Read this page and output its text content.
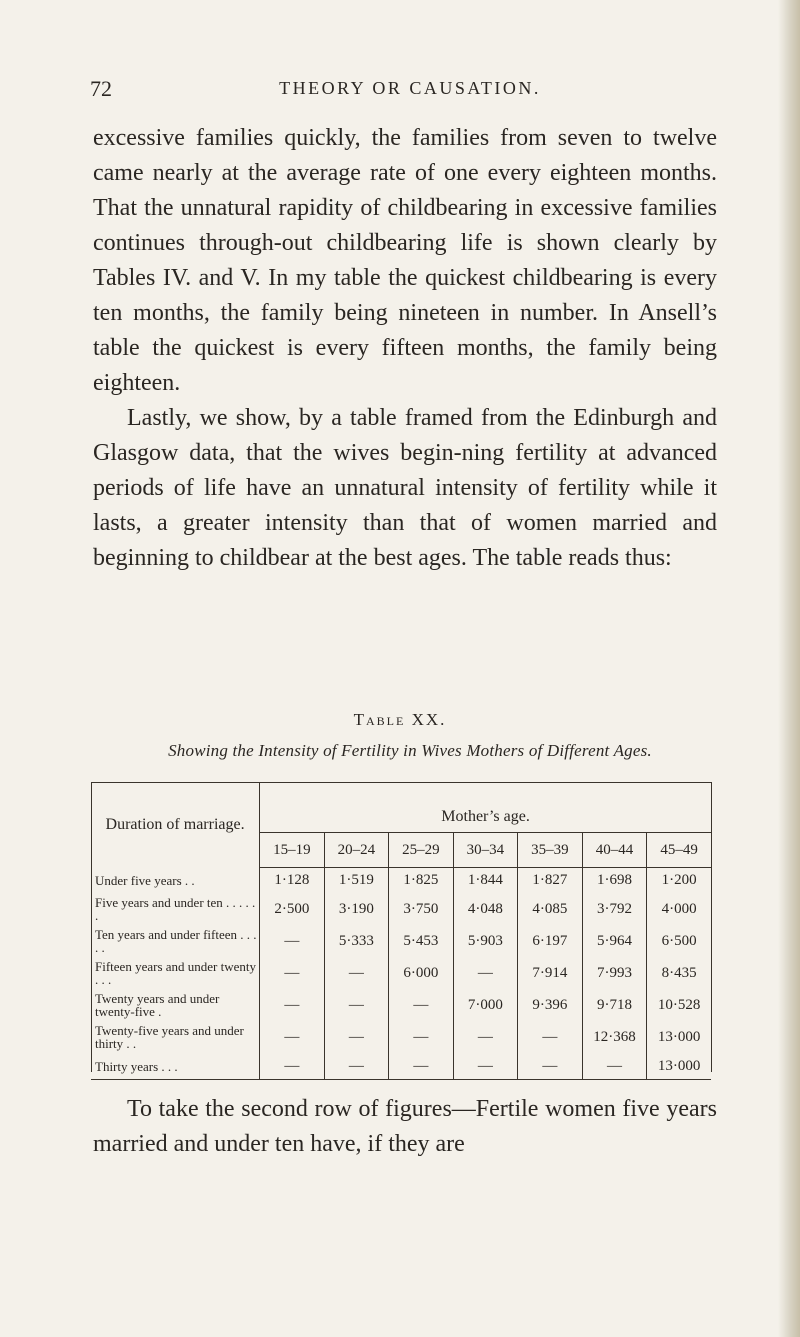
72	THEORY OR CAUSATION.

excessive families quickly, the families from seven to twelve came nearly at the average rate of one every eighteen months. That the unnatural rapidity of childbearing in excessive families continues through-out childbearing life is shown clearly by Tables IV. and V. In my table the quickest childbearing is every ten months, the family being nineteen in number. In Ansell’s table the quickest is every fifteen months, the family being eighteen.

Lastly, we show, by a table framed from the Edinburgh and Glasgow data, that the wives begin-ning fertility at advanced periods of life have an unnatural intensity of fertility while it lasts, a greater intensity than that of women married and beginning to childbear at the best ages. The table reads thus:

Table XX.
Showing the Intensity of Fertility in Wives Mothers of Different Ages.
Duration of marriage.	Mother’s age.						
	15–19	20–24	25–29	30–34	35–39	40–44	45–49
Under five years . .	1·128	1·519	1·825	1·844	1·827	1·698	1·200
Five years and under ten . . . . . .	2·500	3·190	3·750	4·048	4·085	3·792	4·000
Ten years and under fifteen . . . . .	—	5·333	5·453	5·903	6·197	5·964	6·500
Fifteen years and under twenty . . .	—	—	6·000	—	7·914	7·993	8·435
Twenty years and under twenty-five .	—	—	—	7·000	9·396	9·718	10·528
Twenty-five years and under thirty . .	—	—	—	—	—	12·368	13·000
Thirty years . . .	—	—	—	—	—	—	13·000

To take the second row of figures—Fertile women five years married and under ten have, if they are
